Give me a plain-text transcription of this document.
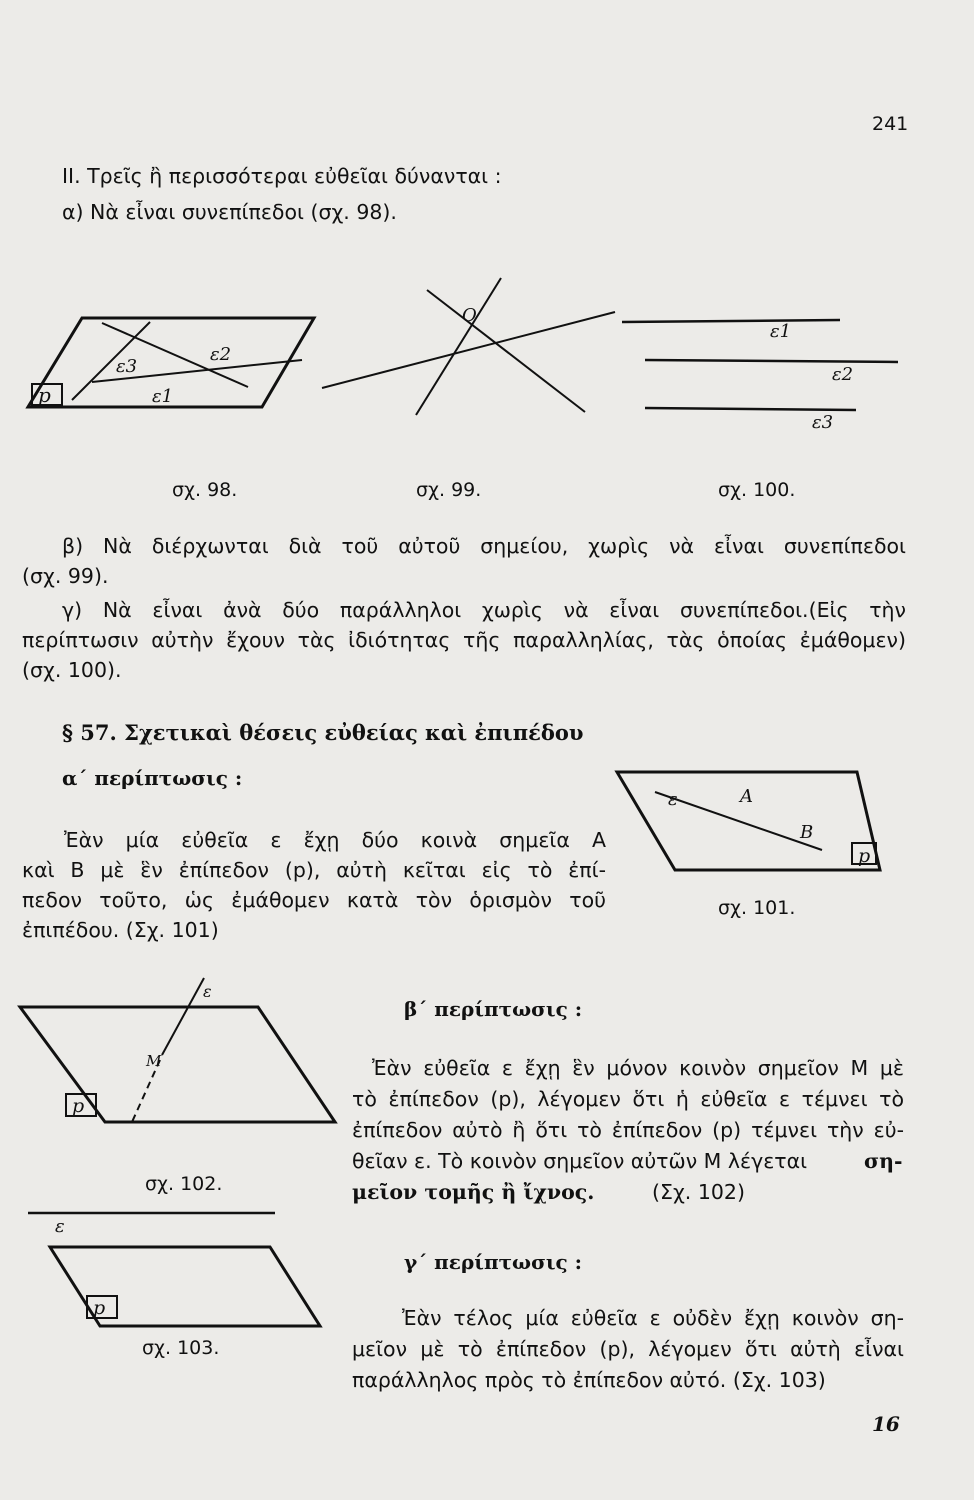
241
II. Τρεῖς ἢ περισσότεραι εὐθεῖαι δύνανται :
α) Νὰ εἶναι συνεπίπεδοι (σχ. 98).
p	ε1
ε2
ε3
O
ε1
ε2
ε3
σχ. 98.	σχ. 99.	σχ. 100.
β) Νὰ διέρχωνται διὰ τοῦ αὐτοῦ σημείου, χωρὶς νὰ εἶναι συνεπίπεδοι
(σχ. 99).
γ) Νὰ εἶναι ἀνὰ δύο παράλληλοι χωρὶς νὰ εἶναι συνεπίπεδοι.(Εἰς τὴν
περίπτωσιν αὐτὴν ἔχουν τὰς ἰδιότητας τῆς παραλληλίας, τὰς ὁποίας ἐμάθομεν)
(σχ. 100).
§ 57. Σχετικαὶ θέσεις εὐθείας καὶ ἐπιπέδου
α΄ περίπτωσις :
Ἐὰν μία εὐθεῖα ε ἔχῃ δύο κοινὰ σημεῖα Α
καὶ Β μὲ ἓν ἐπίπεδον (p), αὐτὴ κεῖται εἰς τὸ ἐπί-
πεδον τοῦτο, ὡς ἐμάθομεν κατὰ τὸν ὁρισμὸν τοῦ
ἐπιπέδου. (Σχ. 101)
ε	A
B
p
ε
M
p
ε
p
σχ. 101.
σχ. 102.
σχ. 103.
β΄ περίπτωσις :
Ἐὰν εὐθεῖα ε ἔχῃ ἓν μόνον κοινὸν σημεῖον Μ μὲ
τὸ ἐπίπεδον (p), λέγομεν ὅτι ἡ εὐθεῖα ε τέμνει τὸ
ἐπίπεδον αὐτὸ ἢ ὅτι τὸ ἐπίπεδον (p) τέμνει τὴν εὐ-
θεῖαν ε. Τὸ κοινὸν σημεῖον αὐτῶν Μ λέγεται	ση-
μεῖον τομῆς ἢ ἴχνος.	(Σχ. 102)
γ΄ περίπτωσις :
Ἐὰν τέλος μία εὐθεῖα ε οὐδὲν ἔχῃ κοινὸν ση-
μεῖον μὲ τὸ ἐπίπεδον (p), λέγομεν ὅτι αὐτὴ εἶναι
παράλληλος πρὸς τὸ ἐπίπεδον αὐτό. (Σχ. 103)
16
